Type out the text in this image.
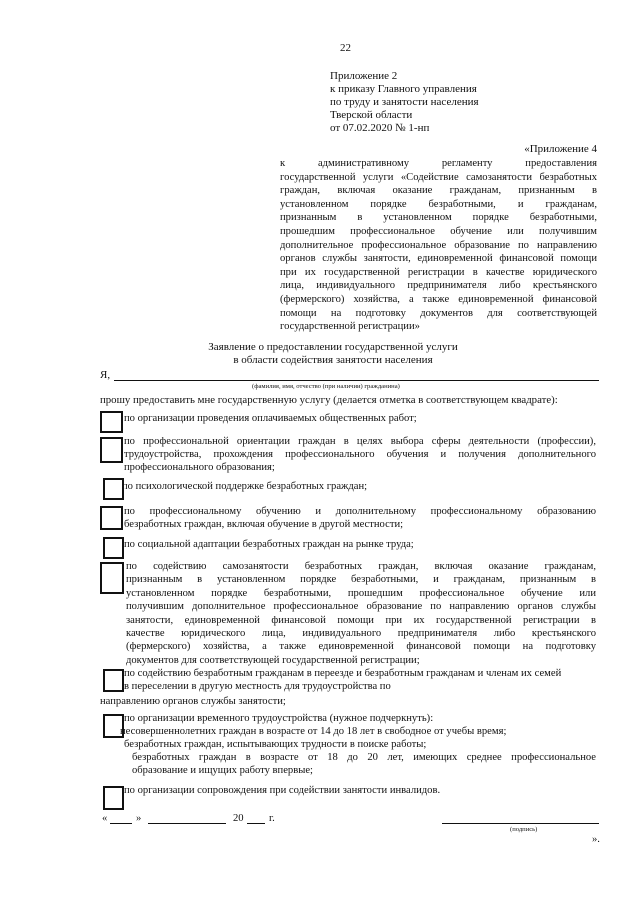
22
Приложение 2
к приказу Главного управления
по труду и занятости населения
Тверской области
от 07.02.2020 № 1-нп
«Приложение 4
к административному регламенту предоставления
государственной услуги «Содействие самозанятости безработных
граждан, включая оказание гражданам, признанным в
установленном порядке безработными, и гражданам,
признанным в установленном порядке безработными,
прошедшим профессиональное обучение или получившим
дополнительное профессиональное образование по направлению
органов службы занятости, единовременной финансовой помощи
при их государственной регистрации в качестве юридического
лица, индивидуального предпринимателя либо крестьянского
(фермерского) хозяйства, а также единовременной финансовой
помощи на подготовку документов для соответствующей
государственной регистрации»
Заявление о предоставлении государственной услуги
в области содействия занятости населения
Я,
(фамилия, имя, отчество (при наличии) гражданина)
прошу предоставить мне государственную услугу (делается отметка в соответствующем квадрате):
по организации проведения оплачиваемых общественных работ;
по профессиональной ориентации граждан в целях выбора сферы деятельности (профессии),
трудоустройства, прохождения профессионального обучения и получения дополнительного
профессионального образования;
по психологической поддержке безработных граждан;
по профессиональному обучению и дополнительному профессиональному образованию
безработных граждан, включая обучение в другой местности;
по социальной адаптации безработных граждан на рынке труда;
по содействию самозанятости безработных граждан, включая оказание гражданам,
признанным в установленном порядке безработными, и гражданам, признанным в
установленном порядке безработными, прошедшим профессиональное обучение или
получившим дополнительное профессиональное образование по направлению органов службы
занятости, единовременной финансовой помощи при их государственной регистрации в
качестве юридического лица, индивидуального предпринимателя либо крестьянского
(фермерского) хозяйства, а также единовременной финансовой помощи на подготовку
документов для соответствующей государственной регистрации;
по содействию безработным гражданам в переезде и безработным гражданам и членам их семей
в переселении в другую местность для трудоустройства по
направлению органов службы занятости;
по организации временного трудоустройства (нужное подчеркнуть):
несовершеннолетних граждан в возрасте от 14 до 18 лет в свободное от учебы время;
безработных граждан, испытывающих трудности в поиске работы;
безработных граждан в возрасте от 18 до 20 лет, имеющих среднее профессиональное
образование и ищущих работу впервые;
по организации сопровождения при содействии занятости инвалидов.
«	»	20 г.
(подпись)
».
